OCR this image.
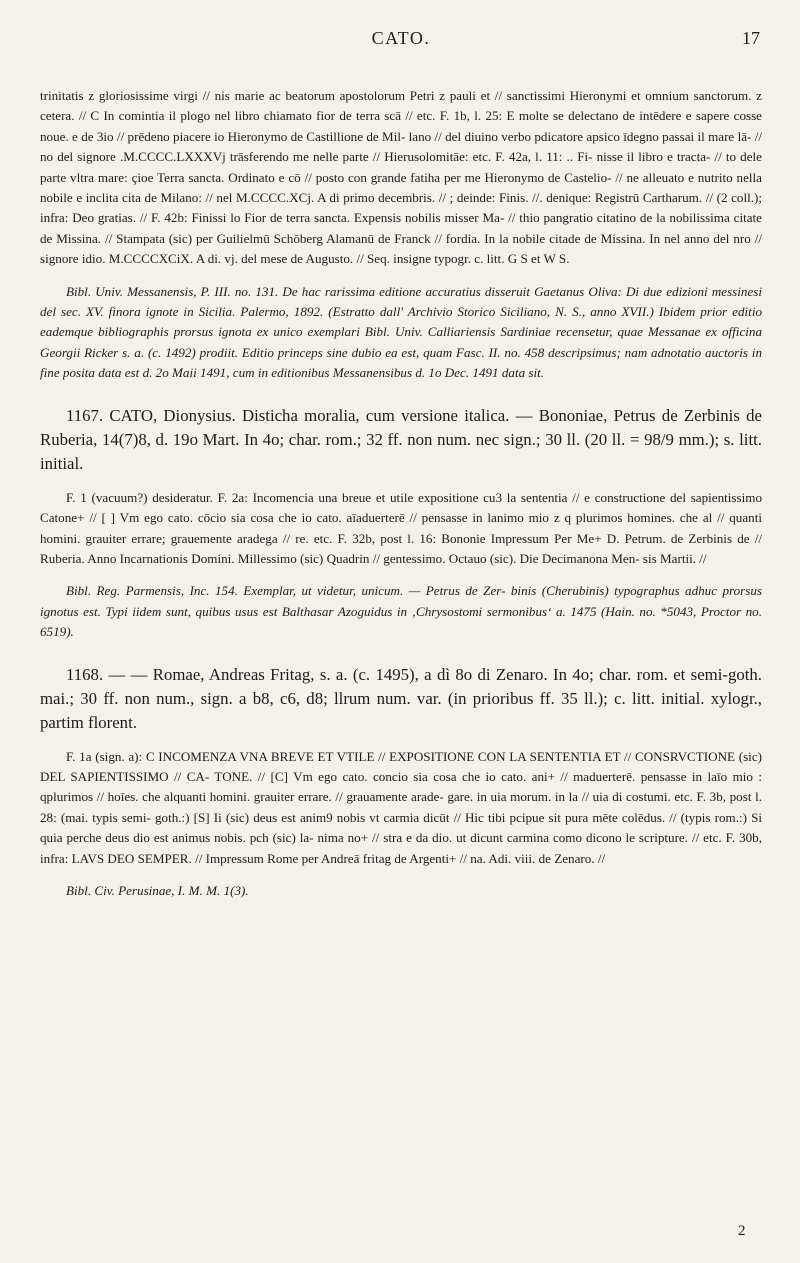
CATO.	17

trinitatis z gloriosissime virgi // nis marie ac beatorum apostolorum Petri z pauli et // sanctissimi Hieronymi et omnium sanctorum. z cetera. // Ϲ In comintia il plogo nel libro chiamato fior de terra scā // etc. F. 1b, l. 25: E molte se delectano de intēdere e sapere cosse noue. e de 3io // prēdeno piacere io Hieronymo de Castillione de Mil- lano // del diuino verbo pdicatore apsico īdegno passai il mare lā- // no del signore .M.CCCC.LXXXVj trāsferendo me nelle parte // Hierusolomitāe: etc. F. 42a, l. 11: .. Fi- nisse il libro e tracta- // to dele parte vltra mare: çioe Terra sancta. Ordinato e cō // posto con grande fatiha per me Hieronymo de Castelio- // ne alleuato e nutrito nella nobile e inclita cita de Milano: // nel M.CCCC.XCj. A di primo decembris. // ; deinde: Finis. //. denique: Registrū Cartharum. // (2 coll.); infra: Deo gratias. // F. 42b: Finissi lo Fior de terra sancta. Expensis nobilis misser Ma- // thio pangratio citatino de la nobilissima citate de Missina. // Stampata (sic) per Guilielmū Schōberg Alamanū de Franck // fordia. In la nobile citade de Missina. In nel anno del nro // signore idio. M.CCCCXCiX. A di. vj. del mese de Augusto. // Seq. insigne typogr. c. litt. G S et W S.

Bibl. Univ. Messanensis, P. III. no. 131. De hac rarissima editione accuratius disseruit Gaetanus Oliva: Di due edizioni messinesi del sec. XV. finora ignote in Sicilia. Palermo, 1892. (Estratto dall' Archivio Storico Siciliano, N. S., anno XVII.) Ibidem prior editio eademque bibliographis prorsus ignota ex unico exemplari Bibl. Univ. Calliariensis Sardiniae recensetur, quae Messanae ex officina Georgii Ricker s. a. (c. 1492) prodiit. Editio princeps sine dubio ea est, quam Fasc. II. no. 458 descripsimus; nam adnotatio auctoris in fine posita data est d. 2o Maii 1491, cum in editionibus Messanensibus d. 1o Dec. 1491 data sit.

1167. CATO, Dionysius. Disticha moralia, cum versione italica. — Bononiae, Petrus de Zerbinis de Ruberia, 14(7)8, d. 19o Mart. In 4o; char. rom.; 32 ff. non num. nec sign.; 30 ll. (20 ll. = 98/9 mm.); s. litt. initial.

F. 1 (vacuum?) desideratur. F. 2a: Incomencia una breue et utile expositione cu3 la sententia // e constructione del sapientissimo Catone+ // [ ] Vm ego cato. cōcio sia cosa che io cato. aīaduerterē // pensasse in lanimo mio z q plurimos homines. che al // quanti homini. grauiter errare; grauemente aradega // re. etc. F. 32b, post l. 16: Bononie Impressum Per Me+ D. Petrum. de Zerbinis de // Ruberia. Anno Incarnationis Domini. Millessimo (sic) Quadrin // gentessimo. Octauo (sic). Die Decimanona Men- sis Martii. //

Bibl. Reg. Parmensis, Inc. 154. Exemplar, ut videtur, unicum. — Petrus de Zer- binis (Cherubinis) typographus adhuc prorsus ignotus est. Typi iidem sunt, quibus usus est Balthasar Azoguidus in ‚Chrysostomi sermonibus‘ a. 1475 (Hain. no. *5043, Proctor no. 6519).

1168. — — Romae, Andreas Fritag, s. a. (c. 1495), a dì 8o di Zenaro. In 4o; char. rom. et semi-goth. mai.; 30 ff. non num., sign. a b8, c6, d8; llrum num. var. (in prioribus ff. 35 ll.); c. litt. initial. xylogr., partim florent.

F. 1a (sign. a): Ϲ INCOMENZA VNA BREVE ET VTILE // EXPOSITIONE CON LA SENTENTIA ET // CONSRVCTIONE (sic) DEL SAPIENTISSIMO // CA- TONE. // [C] Vm ego cato. concio sia cosa che io cato. ani+ // maduerterē. pensasse in laīo mio : qplurimos // hoīes. che alquanti homini. grauiter errare. // grauamente arade- gare. in uia morum. in la // uia di costumi. etc. F. 3b, post l. 28: (mai. typis semi- goth.:) [S] Ii (sic) deus est anim9 nobis vt carmia dicūt // Hic tibi pcipue sit pura mēte colēdus. // (typis rom.:) Si quia perche deus dio est animus nobis. pch (sic) la- nima no+ // stra e da dio. ut dicunt carmina como dicono le scripture. // etc. F. 30b, infra: LAVS DEO SEMPER. // Impressum Rome per Andreā fritag de Argenti+ // na. Adi. viii. de Zenaro. //

Bibl. Civ. Perusinae, I. M. M. 1(3).

2
